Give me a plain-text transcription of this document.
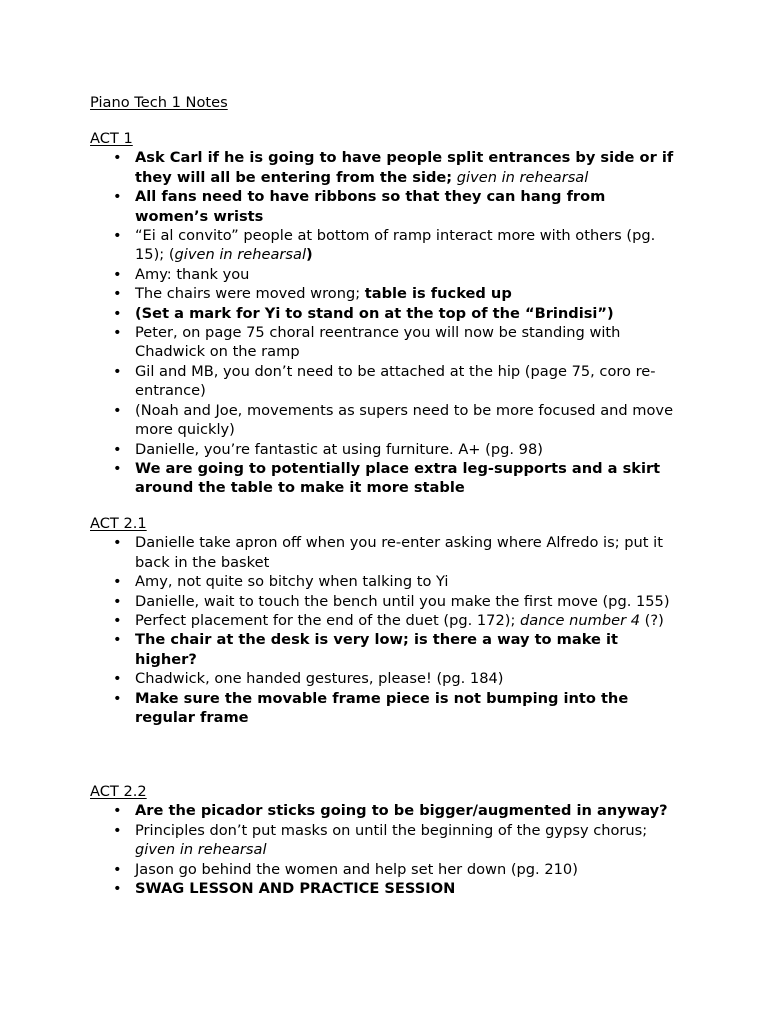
Piano Tech 1 Notes
ACT 1
• Ask Carl if he is going to have people split entrances by side or if they will all be entering from the side; given in rehearsal
• All fans need to have ribbons so that they can hang from women’s wrists
• “Ei al convito” people at bottom of ramp interact more with others (pg. 15); (given in rehearsal)
• Amy: thank you
• The chairs were moved wrong; table is fucked up
• (Set a mark for Yi to stand on at the top of the “Brindisi”)
• Peter, on page 75 choral reentrance you will now be standing with Chadwick on the ramp
• Gil and MB, you don’t need to be attached at the hip (page 75, coro re-entrance)
• (Noah and Joe, movements as supers need to be more focused and move more quickly)
• Danielle, you’re fantastic at using furniture. A+ (pg. 98)
• We are going to potentially place extra leg-supports and a skirt around the table to make it more stable
ACT 2.1
• Danielle take apron off when you re-enter asking where Alfredo is; put it back in the basket
• Amy, not quite so bitchy when talking to Yi
• Danielle, wait to touch the bench until you make the first move (pg. 155)
• Perfect placement for the end of the duet (pg. 172); dance number 4 (?)
• The chair at the desk is very low; is there a way to make it higher?
• Chadwick, one handed gestures, please! (pg. 184)
• Make sure the movable frame piece is not bumping into the regular frame
ACT 2.2
• Are the picador sticks going to be bigger/augmented in anyway?
• Principles don’t put masks on until the beginning of the gypsy chorus; given in rehearsal
• Jason go behind the women and help set her down (pg. 210)
• SWAG LESSON AND PRACTICE SESSION
